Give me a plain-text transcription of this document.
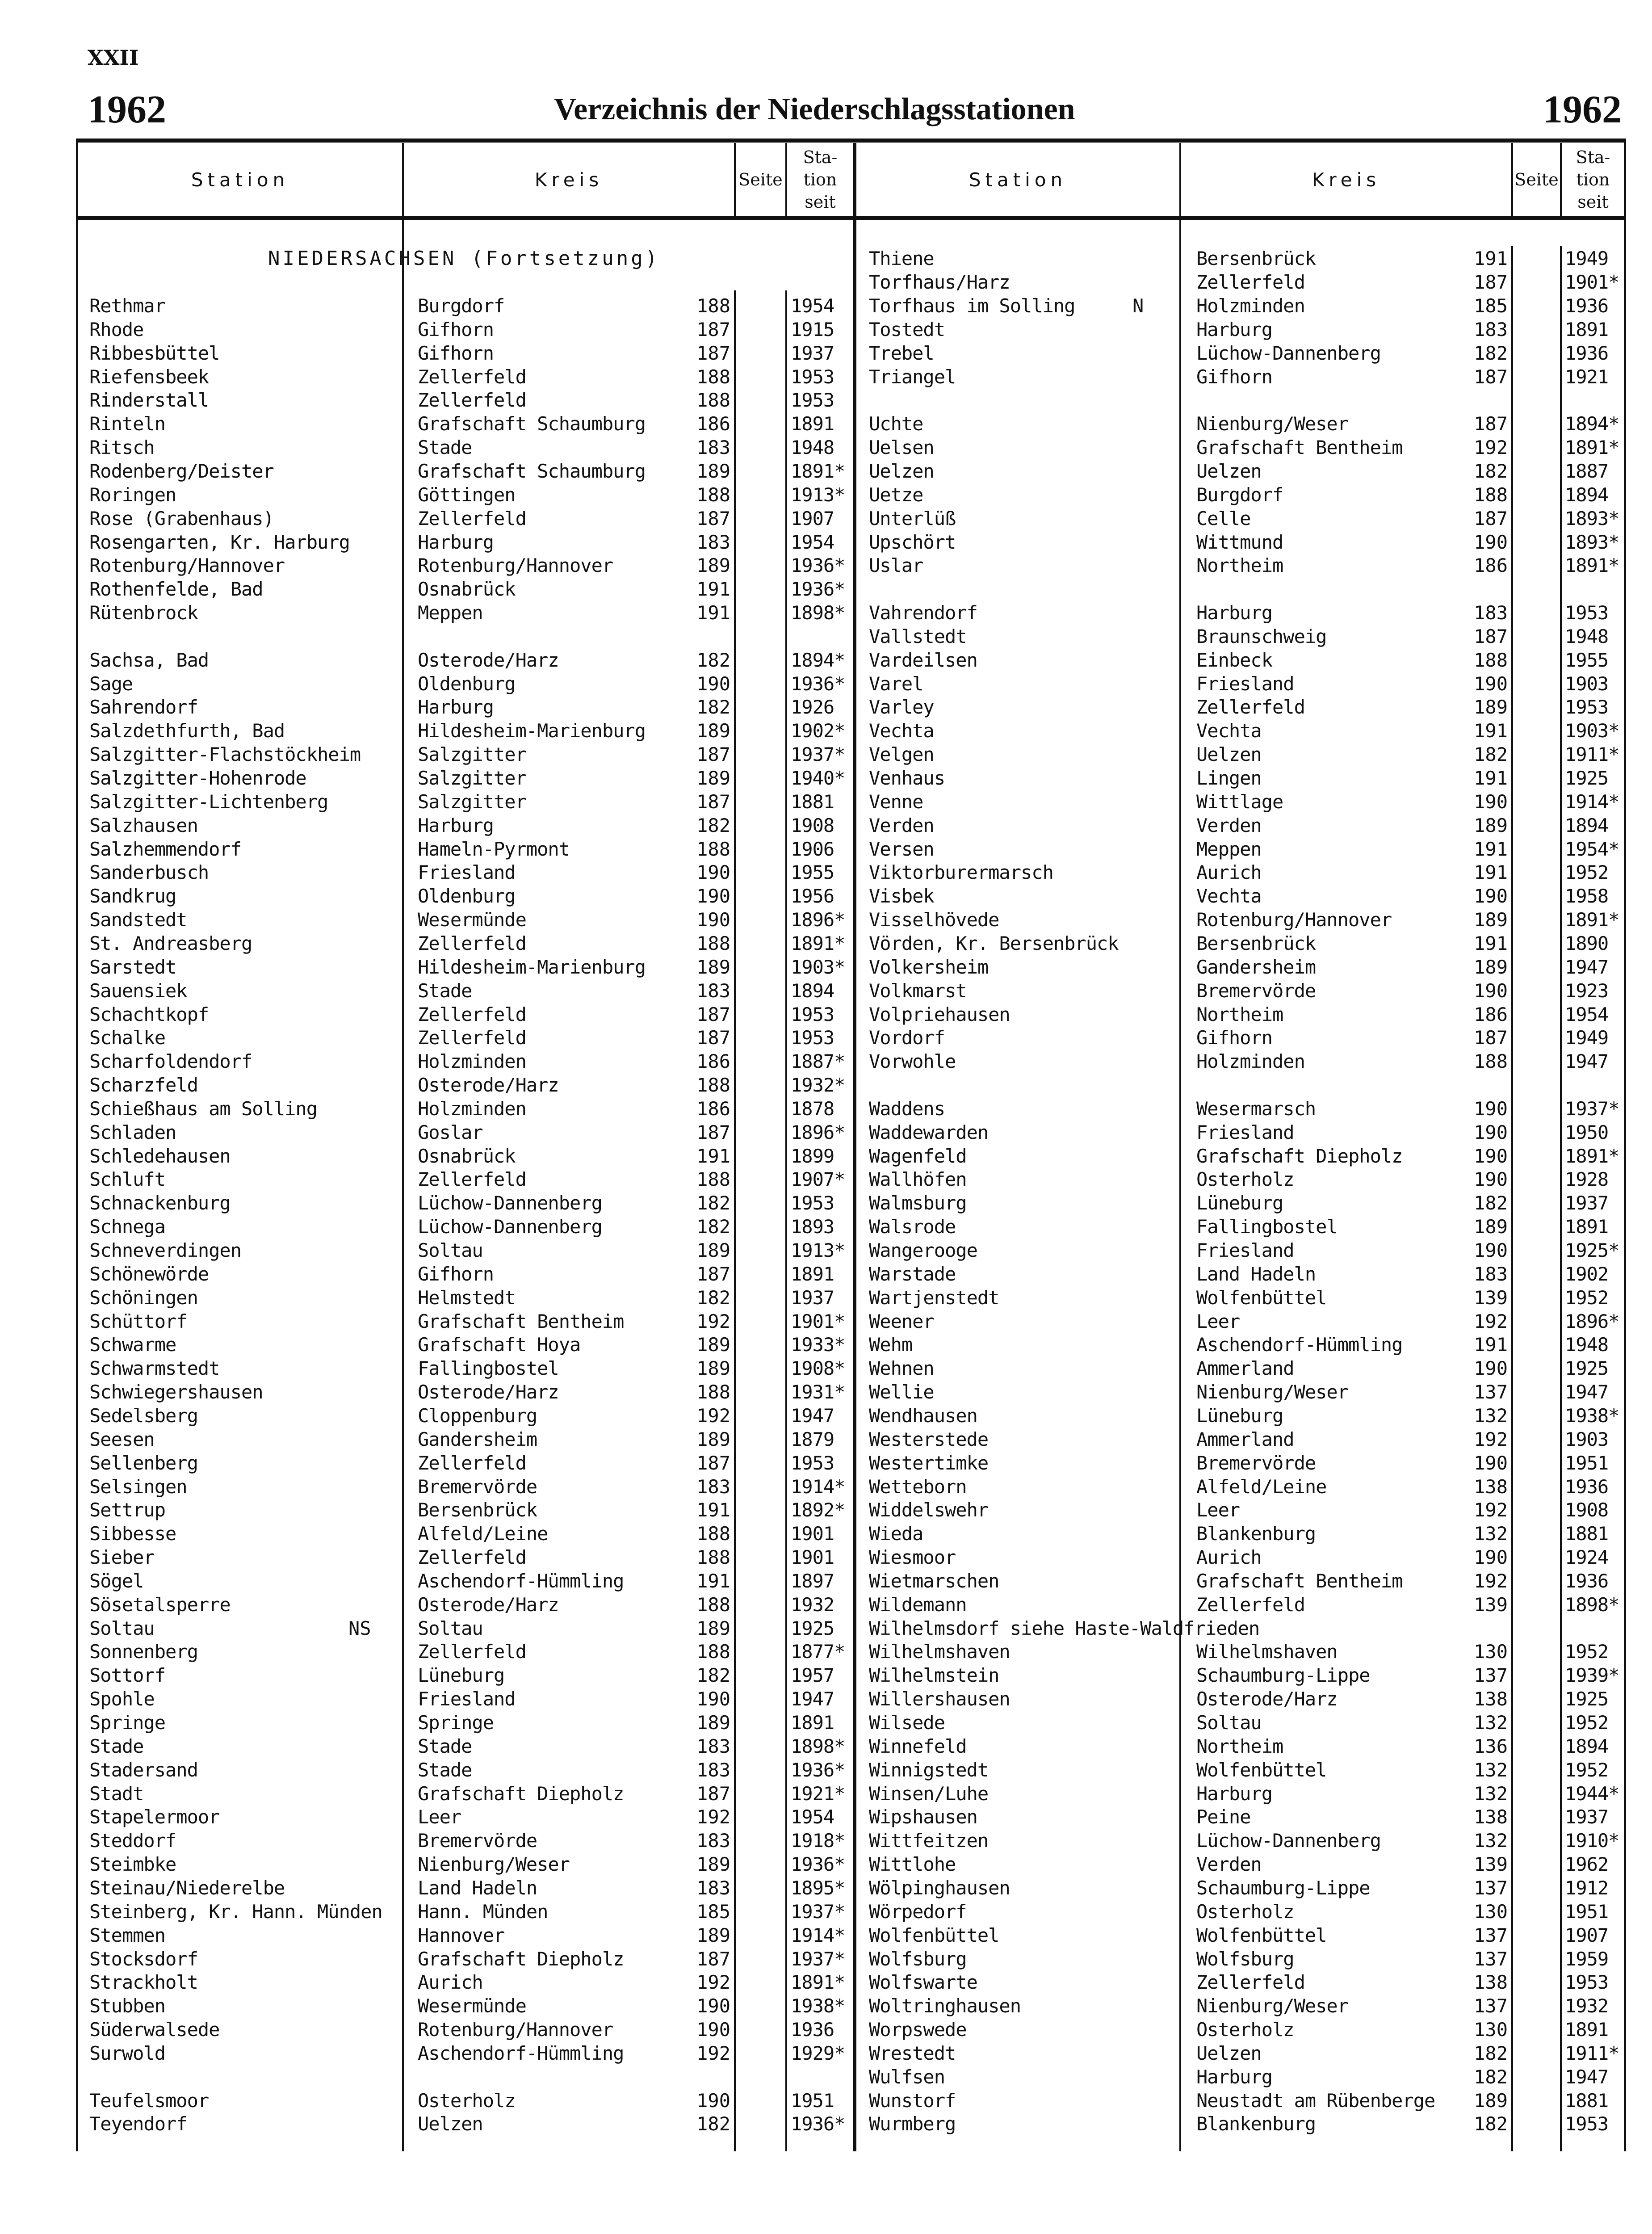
XXII
1962	Verzeichnis der Niederschlagsstationen	1962
Station	Kreis	Seite
Sta-
tion
seit
Station	Kreis	Seite
Sta-
tion
seit
NIEDERSACHSEN (Fortsetzung)
Rethmar	Burgdorf	188	1954
Rhode	Gifhorn	187	1915
Ribbesbüttel	Gifhorn	187	1937
Riefensbeek	Zellerfeld	188	1953
Rinderstall	Zellerfeld	188	1953
Rinteln	Grafschaft Schaumburg	186	1891
Ritsch	Stade	183	1948
Rodenberg/Deister	Grafschaft Schaumburg	189	1891*
Roringen	Göttingen	188	1913*
Rose (Grabenhaus)	Zellerfeld	187	1907
Rosengarten, Kr. Harburg	Harburg	183	1954
Rotenburg/Hannover	Rotenburg/Hannover	189	1936*
Rothenfelde, Bad	Osnabrück	191	1936*
Rütenbrock	Meppen	191	1898*
Sachsa, Bad	Osterode/Harz	182	1894*
Sage	Oldenburg	190	1936*
Sahrendorf	Harburg	182	1926
Salzdethfurth, Bad	Hildesheim-Marienburg	189	1902*
Salzgitter-Flachstöckheim	Salzgitter	187	1937*
Salzgitter-Hohenrode	Salzgitter	189	1940*
Salzgitter-Lichtenberg	Salzgitter	187	1881
Salzhausen	Harburg	182	1908
Salzhemmendorf	Hameln-Pyrmont	188	1906
Sanderbusch	Friesland	190	1955
Sandkrug	Oldenburg	190	1956
Sandstedt	Wesermünde	190	1896*
St. Andreasberg	Zellerfeld	188	1891*
Sarstedt	Hildesheim-Marienburg	189	1903*
Sauensiek	Stade	183	1894
Schachtkopf	Zellerfeld	187	1953
Schalke	Zellerfeld	187	1953
Scharfoldendorf	Holzminden	186	1887*
Scharzfeld	Osterode/Harz	188	1932*
Schießhaus am Solling	Holzminden	186	1878
Schladen	Goslar	187	1896*
Schledehausen	Osnabrück	191	1899
Schluft	Zellerfeld	188	1907*
Schnackenburg	Lüchow-Dannenberg	182	1953
Schnega	Lüchow-Dannenberg	182	1893
Schneverdingen	Soltau	189	1913*
Schönewörde	Gifhorn	187	1891
Schöningen	Helmstedt	182	1937
Schüttorf	Grafschaft Bentheim	192	1901*
Schwarme	Grafschaft Hoya	189	1933*
Schwarmstedt	Fallingbostel	189	1908*
Schwiegershausen	Osterode/Harz	188	1931*
Sedelsberg	Cloppenburg	192	1947
Seesen	Gandersheim	189	1879
Sellenberg	Zellerfeld	187	1953
Selsingen	Bremervörde	183	1914*
Settrup	Bersenbrück	191	1892*
Sibbesse	Alfeld/Leine	188	1901
Sieber	Zellerfeld	188	1901
Sögel	Aschendorf-Hümmling	191	1897
Sösetalsperre	Osterode/Harz	188	1932
Soltau	NS Soltau	189	1925
Sonnenberg	Zellerfeld	188	1877*
Sottorf	Lüneburg	182	1957
Spohle	Friesland	190	1947
Springe	Springe	189	1891
Stade	Stade	183	1898*
Stadersand	Stade	183	1936*
Stadt	Grafschaft Diepholz	187	1921*
Stapelermoor	Leer	192	1954
Steddorf	Bremervörde	183	1918*
Steimbke	Nienburg/Weser	189	1936*
Steinau/Niederelbe	Land Hadeln	183	1895*
Steinberg, Kr. Hann. Münden Hann. Münden	185	1937*
Stemmen	Hannover	189	1914*
Stocksdorf	Grafschaft Diepholz	187	1937*
Strackholt	Aurich	192	1891*
Stubben	Wesermünde	190	1938*
Süderwalsede	Rotenburg/Hannover	190	1936
Surwold	Aschendorf-Hümmling	192	1929*
Teufelsmoor	Osterholz	190	1951
Teyendorf	Uelzen	182	1936*
Thiene	Bersenbrück	191	1949
Torfhaus/Harz	Zellerfeld	187	1901*
Torfhaus im Solling	N	Holzminden	185	1936
Tostedt	Harburg	183	1891
Trebel	Lüchow-Dannenberg	182	1936
Triangel	Gifhorn	187	1921
Uchte	Nienburg/Weser	187	1894*
Uelsen	Grafschaft Bentheim	192	1891*
Uelzen	Uelzen	182	1887
Uetze	Burgdorf	188	1894
Unterlüß	Celle	187	1893*
Upschört	Wittmund	190	1893*
Uslar	Northeim	186	1891*
Vahrendorf	Harburg	183	1953
Vallstedt	Braunschweig	187	1948
Vardeilsen	Einbeck	188	1955
Varel	Friesland	190	1903
Varley	Zellerfeld	189	1953
Vechta	Vechta	191	1903*
Velgen	Uelzen	182	1911*
Venhaus	Lingen	191	1925
Venne	Wittlage	190	1914*
Verden	Verden	189	1894
Versen	Meppen	191	1954*
Viktorburermarsch	Aurich	191	1952
Visbek	Vechta	190	1958
Visselhövede	Rotenburg/Hannover	189	1891*
Vörden, Kr. Bersenbrück	Bersenbrück	191	1890
Volkersheim	Gandersheim	189	1947
Volkmarst	Bremervörde	190	1923
Volpriehausen	Northeim	186	1954
Vordorf	Gifhorn	187	1949
Vorwohle	Holzminden	188	1947
Waddens	Wesermarsch	190	1937*
Waddewarden	Friesland	190	1950
Wagenfeld	Grafschaft Diepholz	190	1891*
Wallhöfen	Osterholz	190	1928
Walmsburg	Lüneburg	182	1937
Walsrode	Fallingbostel	189	1891
Wangerooge	Friesland	190	1925*
Warstade	Land Hadeln	183	1902
Wartjenstedt	Wolfenbüttel	139	1952
Weener	Leer	192	1896*
Wehm	Aschendorf-Hümmling	191	1948
Wehnen	Ammerland	190	1925
Wellie	Nienburg/Weser	137	1947
Wendhausen	Lüneburg	132	1938*
Westerstede	Ammerland	192	1903
Westertimke	Bremervörde	190	1951
Wetteborn	Alfeld/Leine	138	1936
Widdelswehr	Leer	192	1908
Wieda	Blankenburg	132	1881
Wiesmoor	Aurich	190	1924
Wietmarschen	Grafschaft Bentheim	192	1936
Wildemann	Zellerfeld	139	1898*
Wilhelmsdorf siehe Haste-Waldfrieden
Wilhelmshaven	Wilhelmshaven	130	1952
Wilhelmstein	Schaumburg-Lippe	137	1939*
Willershausen	Osterode/Harz	138	1925
Wilsede	Soltau	132	1952
Winnefeld	Northeim	136	1894
Winnigstedt	Wolfenbüttel	132	1952
Winsen/Luhe	Harburg	132	1944*
Wipshausen	Peine	138	1937
Wittfeitzen	Lüchow-Dannenberg	132	1910*
Wittlohe	Verden	139	1962
Wölpinghausen	Schaumburg-Lippe	137	1912
Wörpedorf	Osterholz	130	1951
Wolfenbüttel	Wolfenbüttel	137	1907
Wolfsburg	Wolfsburg	137	1959
Wolfswarte	Zellerfeld	138	1953
Woltringhausen	Nienburg/Weser	137	1932
Worpswede	Osterholz	130	1891
Wrestedt	Uelzen	182	1911*
Wulfsen	Harburg	182	1947
Wunstorf	Neustadt am Rübenberge	189	1881
Wurmberg	Blankenburg	182	1953
